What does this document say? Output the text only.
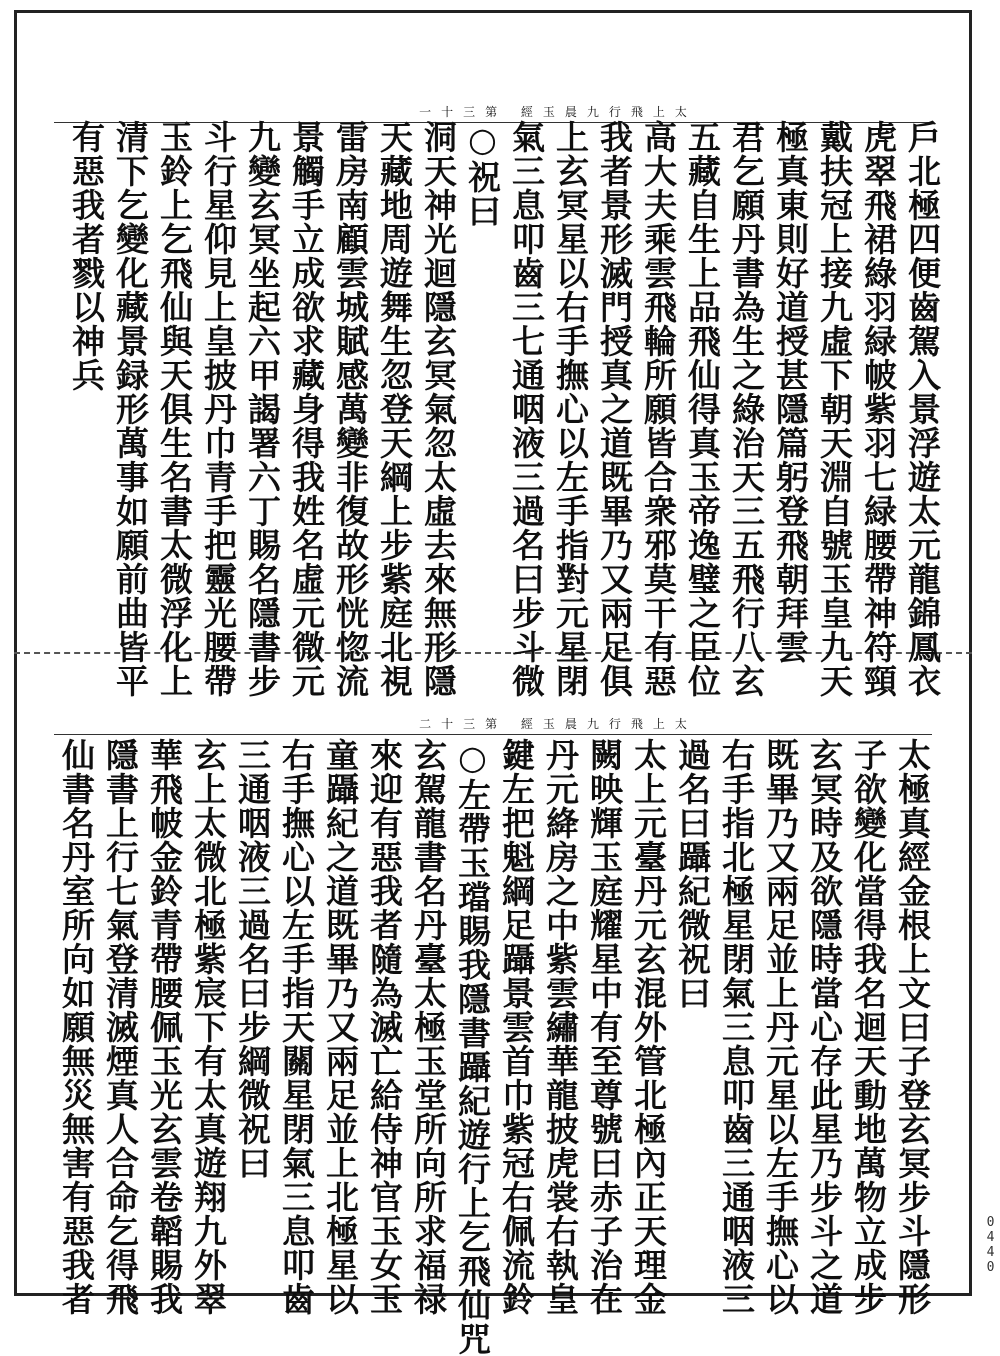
太上飛行九晨玉經 第三十一
戶北極四便齒駕入景浮遊太元龍錦鳳衣
虎翠飛裙綠羽緑帔紫羽七緑腰帶神符頸
戴扶冠上接九虛下朝天淵自號玉皇九天
極真東則好道授甚隱篇躬登飛朝拜雲
君乞願丹書為生之綠治天三五飛行八玄
五藏自生上品飛仙得真玉帝逸璧之臣位
高大夫乘雲飛輪所願皆合衆邪莫干有惡
我者景形滅門授真之道既畢乃又兩足俱
上玄冥星以右手撫心以左手指對元星閉
氣三息叩齒三七通咽液三過名曰步斗微
○祝曰
洞天神光迴隱玄冥氣忽太虛去來無形隱
天藏地周遊舞生忽登天綱上步紫庭北視
雷房南顧雲城賦感萬變非復故形恍惚流
景觸手立成欲求藏身得我姓名虛元微元
九變玄冥坐起六甲謁署六丁賜名隱書步
斗行星仰見上皇披丹巾青手把靈光腰帶
玉鈴上乞飛仙與天俱生名書太微浮化上
清下乞變化藏景録形萬事如願前曲皆平
有惡我者戮以神兵
太上飛行九晨玉經 第三十二
太極真經金根上文曰子登玄冥步斗隱形
子欲變化當得我名迴天動地萬物立成步
玄冥時及欲隱時當心存此星乃步斗之道
既畢乃又兩足並上丹元星以左手撫心以
右手指北極星閉氣三息叩齒三通咽液三
過名曰躡紀微祝曰
太上元臺丹元玄混外管北極內正天理金
闕映輝玉庭耀星中有至尊號曰赤子治在
丹元絳房之中紫雲繡華龍披虎裳右執皇
鍵左把魁綱足躡景雲首巾紫冠右佩流鈴
○左帶玉璫賜我隱書躡紀遊行上乞飛仙咒
玄駕龍書名丹臺太極玉堂所向所求福禄
來迎有惡我者隨為滅亡給侍神官玉女玉
童躡紀之道既畢乃又兩足並上北極星以
右手撫心以左手指天關星閉氣三息叩齒
三通咽液三過名曰步綱微祝曰
玄上太微北極紫宸下有太真遊翔九外翠
華飛帔金鈴青帶腰佩玉光玄雲卷韜賜我
隱書上行七氣登清滅煙真人合命乞得飛
仙書名丹室所向如願無災無害有惡我者	0440
